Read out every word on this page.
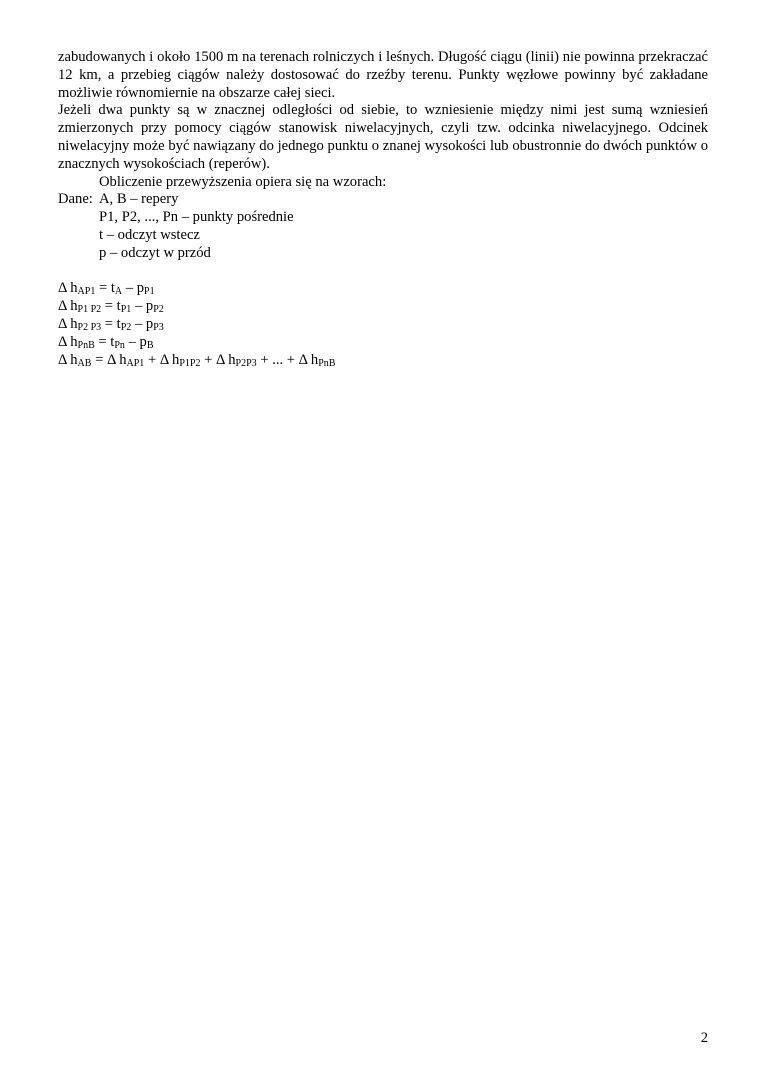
zabudowanych i około 1500 m na terenach rolniczych i leśnych. Długość ciągu (linii) nie powinna przekraczać 12 km, a przebieg ciągów należy dostosować do rzeźby terenu. Punkty węzłowe powinny być zakładane możliwie równomiernie na obszarze całej sieci.

Jeżeli dwa punkty są w znacznej odległości od siebie, to wzniesienie między nimi jest sumą wzniesień zmierzonych przy pomocy ciągów stanowisk niwelacyjnych, czyli tzw. odcinka niwelacyjnego. Odcinek niwelacyjny może być nawiązany do jednego punktu o znanej wysokości lub obustronnie do dwóch punktów o znacznych wysokościach (reperów).

Obliczenie przewyższenia opiera się na wzorach:

Dane: A, B – repery

P1, P2, ..., Pn – punkty pośrednie

t – odczyt wstecz

p – odczyt w przód

Δ $h_{AP1} = t_A - p_{P1}$

Δ $h_{P1 P2} = t_{P1} - p_{P2}$

Δ $h_{P2 P3} = t_{P2} - p_{P3}$

Δ $h_{PnB} = t_{Pn} - p_B$

Δ $h_{AB} = \Delta$ $h_{AP1} + \Delta$ $h_{P1P2} + \Delta$ $h_{P2P3}$ + ... + Δ $h_{PnB}$

2
